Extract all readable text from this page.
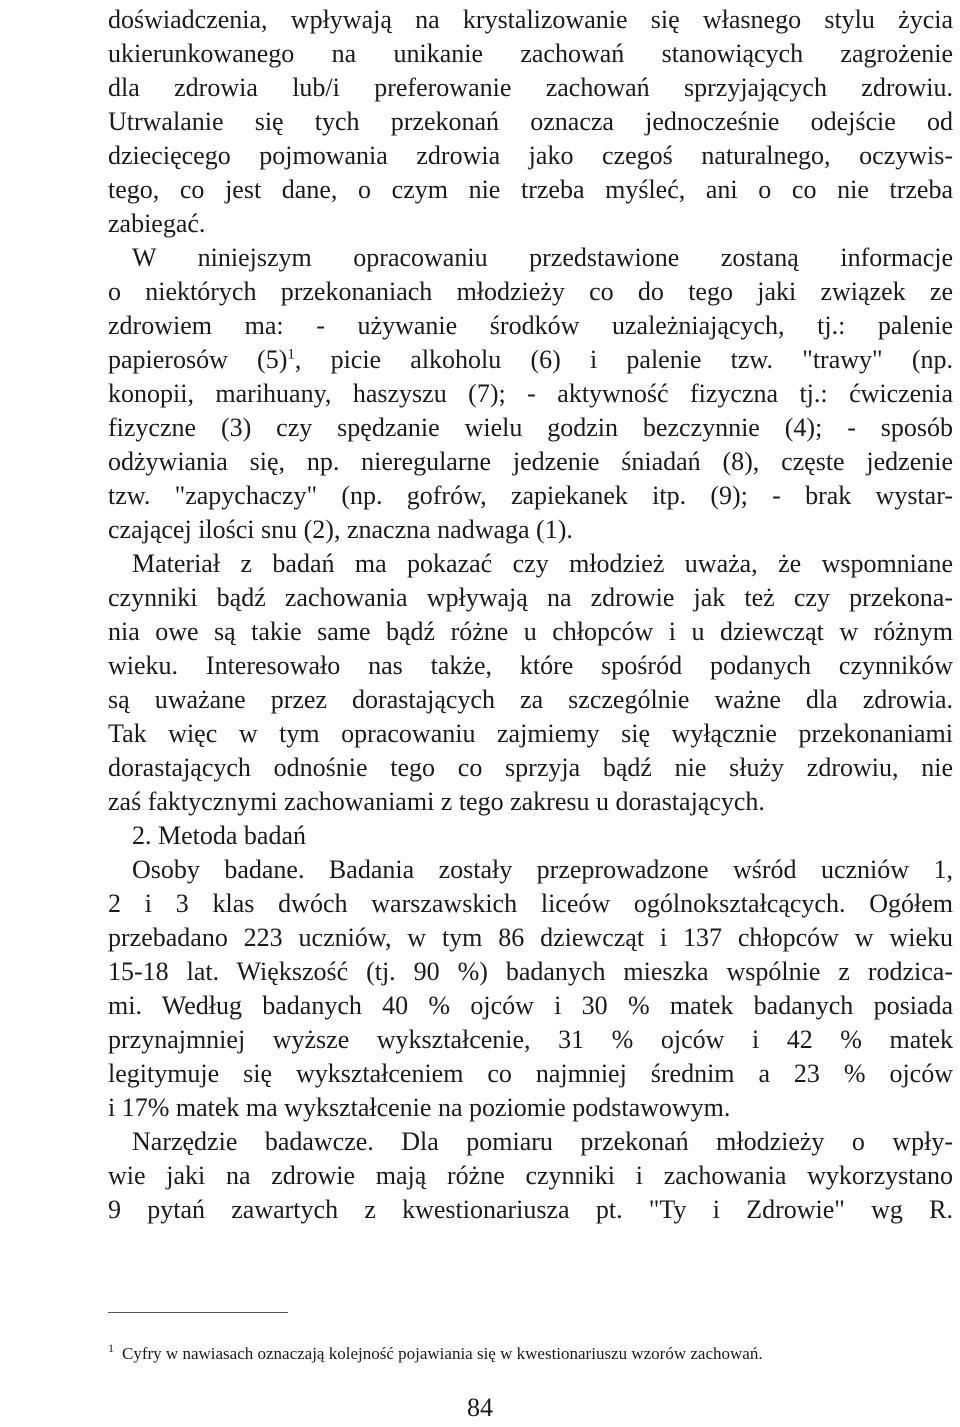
doświadczenia, wpływają na krystalizowanie się własnego stylu życia
ukierunkowanego na unikanie zachowań stanowiących zagrożenie
dla zdrowia lub/i preferowanie zachowań sprzyjających zdrowiu.
Utrwalanie się tych przekonań oznacza jednocześnie odejście od
dziecięcego pojmowania zdrowia jako czegoś naturalnego, oczywis-
tego, co jest dane, o czym nie trzeba myśleć, ani o co nie trzeba
zabiegać.
W niniejszym opracowaniu przedstawione zostaną informacje
o niektórych przekonaniach młodzieży co do tego jaki związek ze
zdrowiem ma: - używanie środków uzależniających, tj.: palenie
papierosów $(5)^1$, picie alkoholu (6) i palenie tzw. "trawy" (np.
konopii, marihuany, haszyszu (7); - aktywność fizyczna tj.: ćwiczenia
fizyczne (3) czy spędzanie wielu godzin bezczynnie (4); - sposób
odżywiania się, np. nieregularne jedzenie śniadań (8), częste jedzenie
tzw. "zapychaczy" (np. gofrów, zapiekanek itp. (9); - brak wystar-
czającej ilości snu (2), znaczna nadwaga (1).
Materiał z badań ma pokazać czy młodzież uważa, że wspomniane
czynniki bądź zachowania wpływają na zdrowie jak też czy przekona-
nia owe są takie same bądź różne u chłopców i u dziewcząt w różnym
wieku. Interesowało nas także, które spośród podanych czynników
są uważane przez dorastających za szczególnie ważne dla zdrowia.
Tak więc w tym opracowaniu zajmiemy się wyłącznie przekonaniami
dorastających odnośnie tego co sprzyja bądź nie służy zdrowiu, nie
zaś faktycznymi zachowaniami z tego zakresu u dorastających.
2. Metoda badań
Osoby badane. Badania zostały przeprowadzone wśród uczniów 1,
2 i 3 klas dwóch warszawskich liceów ogólnokształcących. Ogółem
przebadano 223 uczniów, w tym 86 dziewcząt i 137 chłopców w wieku
15-18 lat. Większość (tj. 90 %) badanych mieszka wspólnie z rodzica-
mi. Według badanych 40 % ojców i 30 % matek badanych posiada
przynajmniej wyższe wykształcenie, 31 % ojców i 42 % matek
legitymuje się wykształceniem co najmniej średnim a 23 % ojców
i 17% matek ma wykształcenie na poziomie podstawowym.
Narzędzie badawcze. Dla pomiaru przekonań młodzieży o wpły-
wie jaki na zdrowie mają różne czynniki i zachowania wykorzystano
9 pytań zawartych z kwestionariusza pt. "Ty i Zdrowie" wg R.
$^1$ Cyfry w nawiasach oznaczają kolejność pojawiania się w kwestionariuszu wzorów zachowań.
84
